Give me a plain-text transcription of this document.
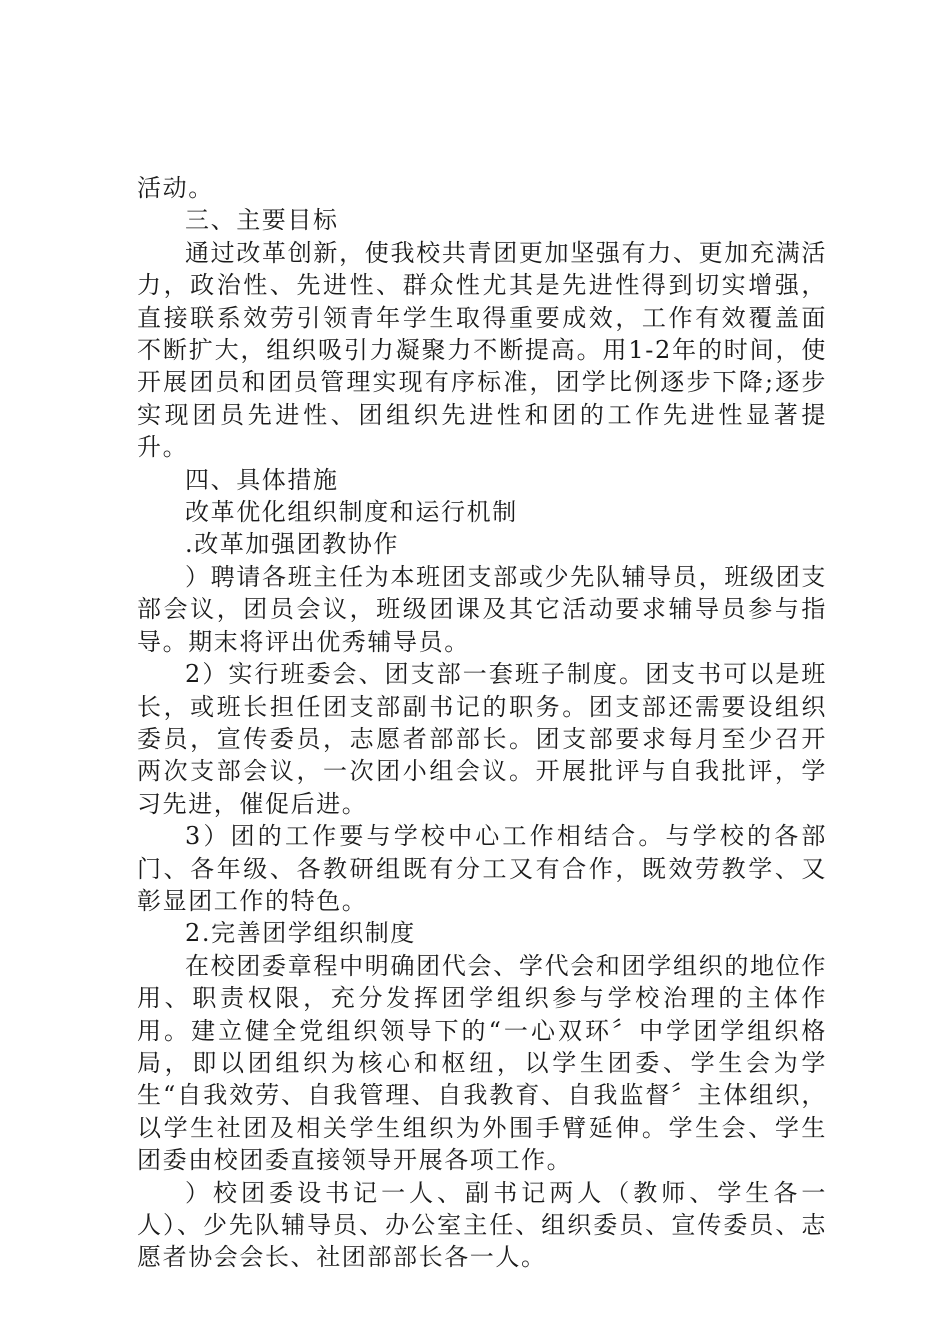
活动。

三、主要目标

通过改革创新，使我校共青团更加坚强有力、更加充满活力，政治性、先进性、群众性尤其是先进性得到切实增强，直接联系效劳引领青年学生取得重要成效，工作有效覆盖面不断扩大，组织吸引力凝聚力不断提高。用1-2年的时间，使开展团员和团员管理实现有序标准，团学比例逐步下降;逐步实现团员先进性、团组织先进性和团的工作先进性显著提升。

四、具体措施

改革优化组织制度和运行机制

.改革加强团教协作

）聘请各班主任为本班团支部或少先队辅导员，班级团支部会议，团员会议，班级团课及其它活动要求辅导员参与指导。期末将评出优秀辅导员。

2）实行班委会、团支部一套班子制度。团支书可以是班长，或班长担任团支部副书记的职务。团支部还需要设组织委员，宣传委员，志愿者部部长。团支部要求每月至少召开两次支部会议，一次团小组会议。开展批评与自我批评，学习先进，催促后进。

3）团的工作要与学校中心工作相结合。与学校的各部门、各年级、各教研组既有分工又有合作，既效劳教学、又彰显团工作的特色。

2.完善团学组织制度

在校团委章程中明确团代会、学代会和团学组织的地位作用、职责权限，充分发挥团学组织参与学校治理的主体作用。建立健全党组织领导下的“一心双环〞中学团学组织格局，即以团组织为核心和枢纽，以学生团委、学生会为学生“自我效劳、自我管理、自我教育、自我监督〞主体组织，以学生社团及相关学生组织为外围手臂延伸。学生会、学生团委由校团委直接领导开展各项工作。

）校团委设书记一人、副书记两人（教师、学生各一人）、少先队辅导员、办公室主任、组织委员、宣传委员、志愿者协会会长、社团部部长各一人。
